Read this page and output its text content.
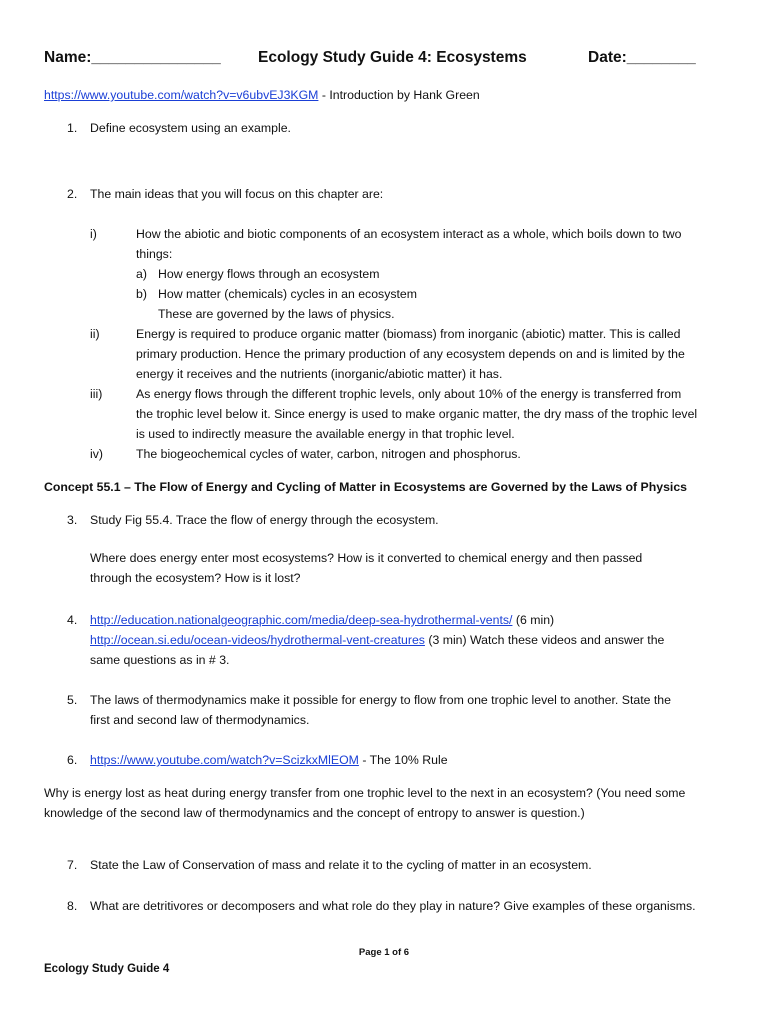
Name:_______________ Ecology Study Guide 4: Ecosystems	Date:________
https://www.youtube.com/watch?v=v6ubvEJ3KGM - Introduction by Hank Green
1. Define ecosystem using an example.
2. The main ideas that you will focus on this chapter are:
i)	How the abiotic and biotic components of an ecosystem interact as a whole, which boils down to two
things:
a) How energy flows through an ecosystem
b) How matter (chemicals) cycles in an ecosystem
These are governed by the laws of physics.
ii)	Energy is required to produce organic matter (biomass) from inorganic (abiotic) matter. This is called
primary production. Hence the primary production of any ecosystem depends on and is limited by the
energy it receives and the nutrients (inorganic/abiotic matter) it has.
iii)	As energy flows through the different trophic levels, only about 10% of the energy is transferred from
the trophic level below it. Since energy is used to make organic matter, the dry mass of the trophic level
is used to indirectly measure the available energy in that trophic level.
iv)	The biogeochemical cycles of water, carbon, nitrogen and phosphorus.
Concept 55.1 – The Flow of Energy and Cycling of Matter in Ecosystems are Governed by the Laws of Physics
3. Study Fig 55.4. Trace the flow of energy through the ecosystem.
Where does energy enter most ecosystems? How is it converted to chemical energy and then passed
through the ecosystem? How is it lost?
4. http://education.nationalgeographic.com/media/deep-sea-hydrothermal-vents/ (6 min)
http://ocean.si.edu/ocean-videos/hydrothermal-vent-creatures (3 min) Watch these videos and answer the
same questions as in # 3.
5. The laws of thermodynamics make it possible for energy to flow from one trophic level to another. State the
first and second law of thermodynamics.
6. https://www.youtube.com/watch?v=ScizkxMlEOM - The 10% Rule
Why is energy lost as heat during energy transfer from one trophic level to the next in an ecosystem? (You need some
knowledge of the second law of thermodynamics and the concept of entropy to answer is question.)
7. State the Law of Conservation of mass and relate it to the cycling of matter in an ecosystem.
8. What are detritivores or decomposers and what role do they play in nature? Give examples of these organisms.
Page 1 of 6
Ecology Study Guide 4
